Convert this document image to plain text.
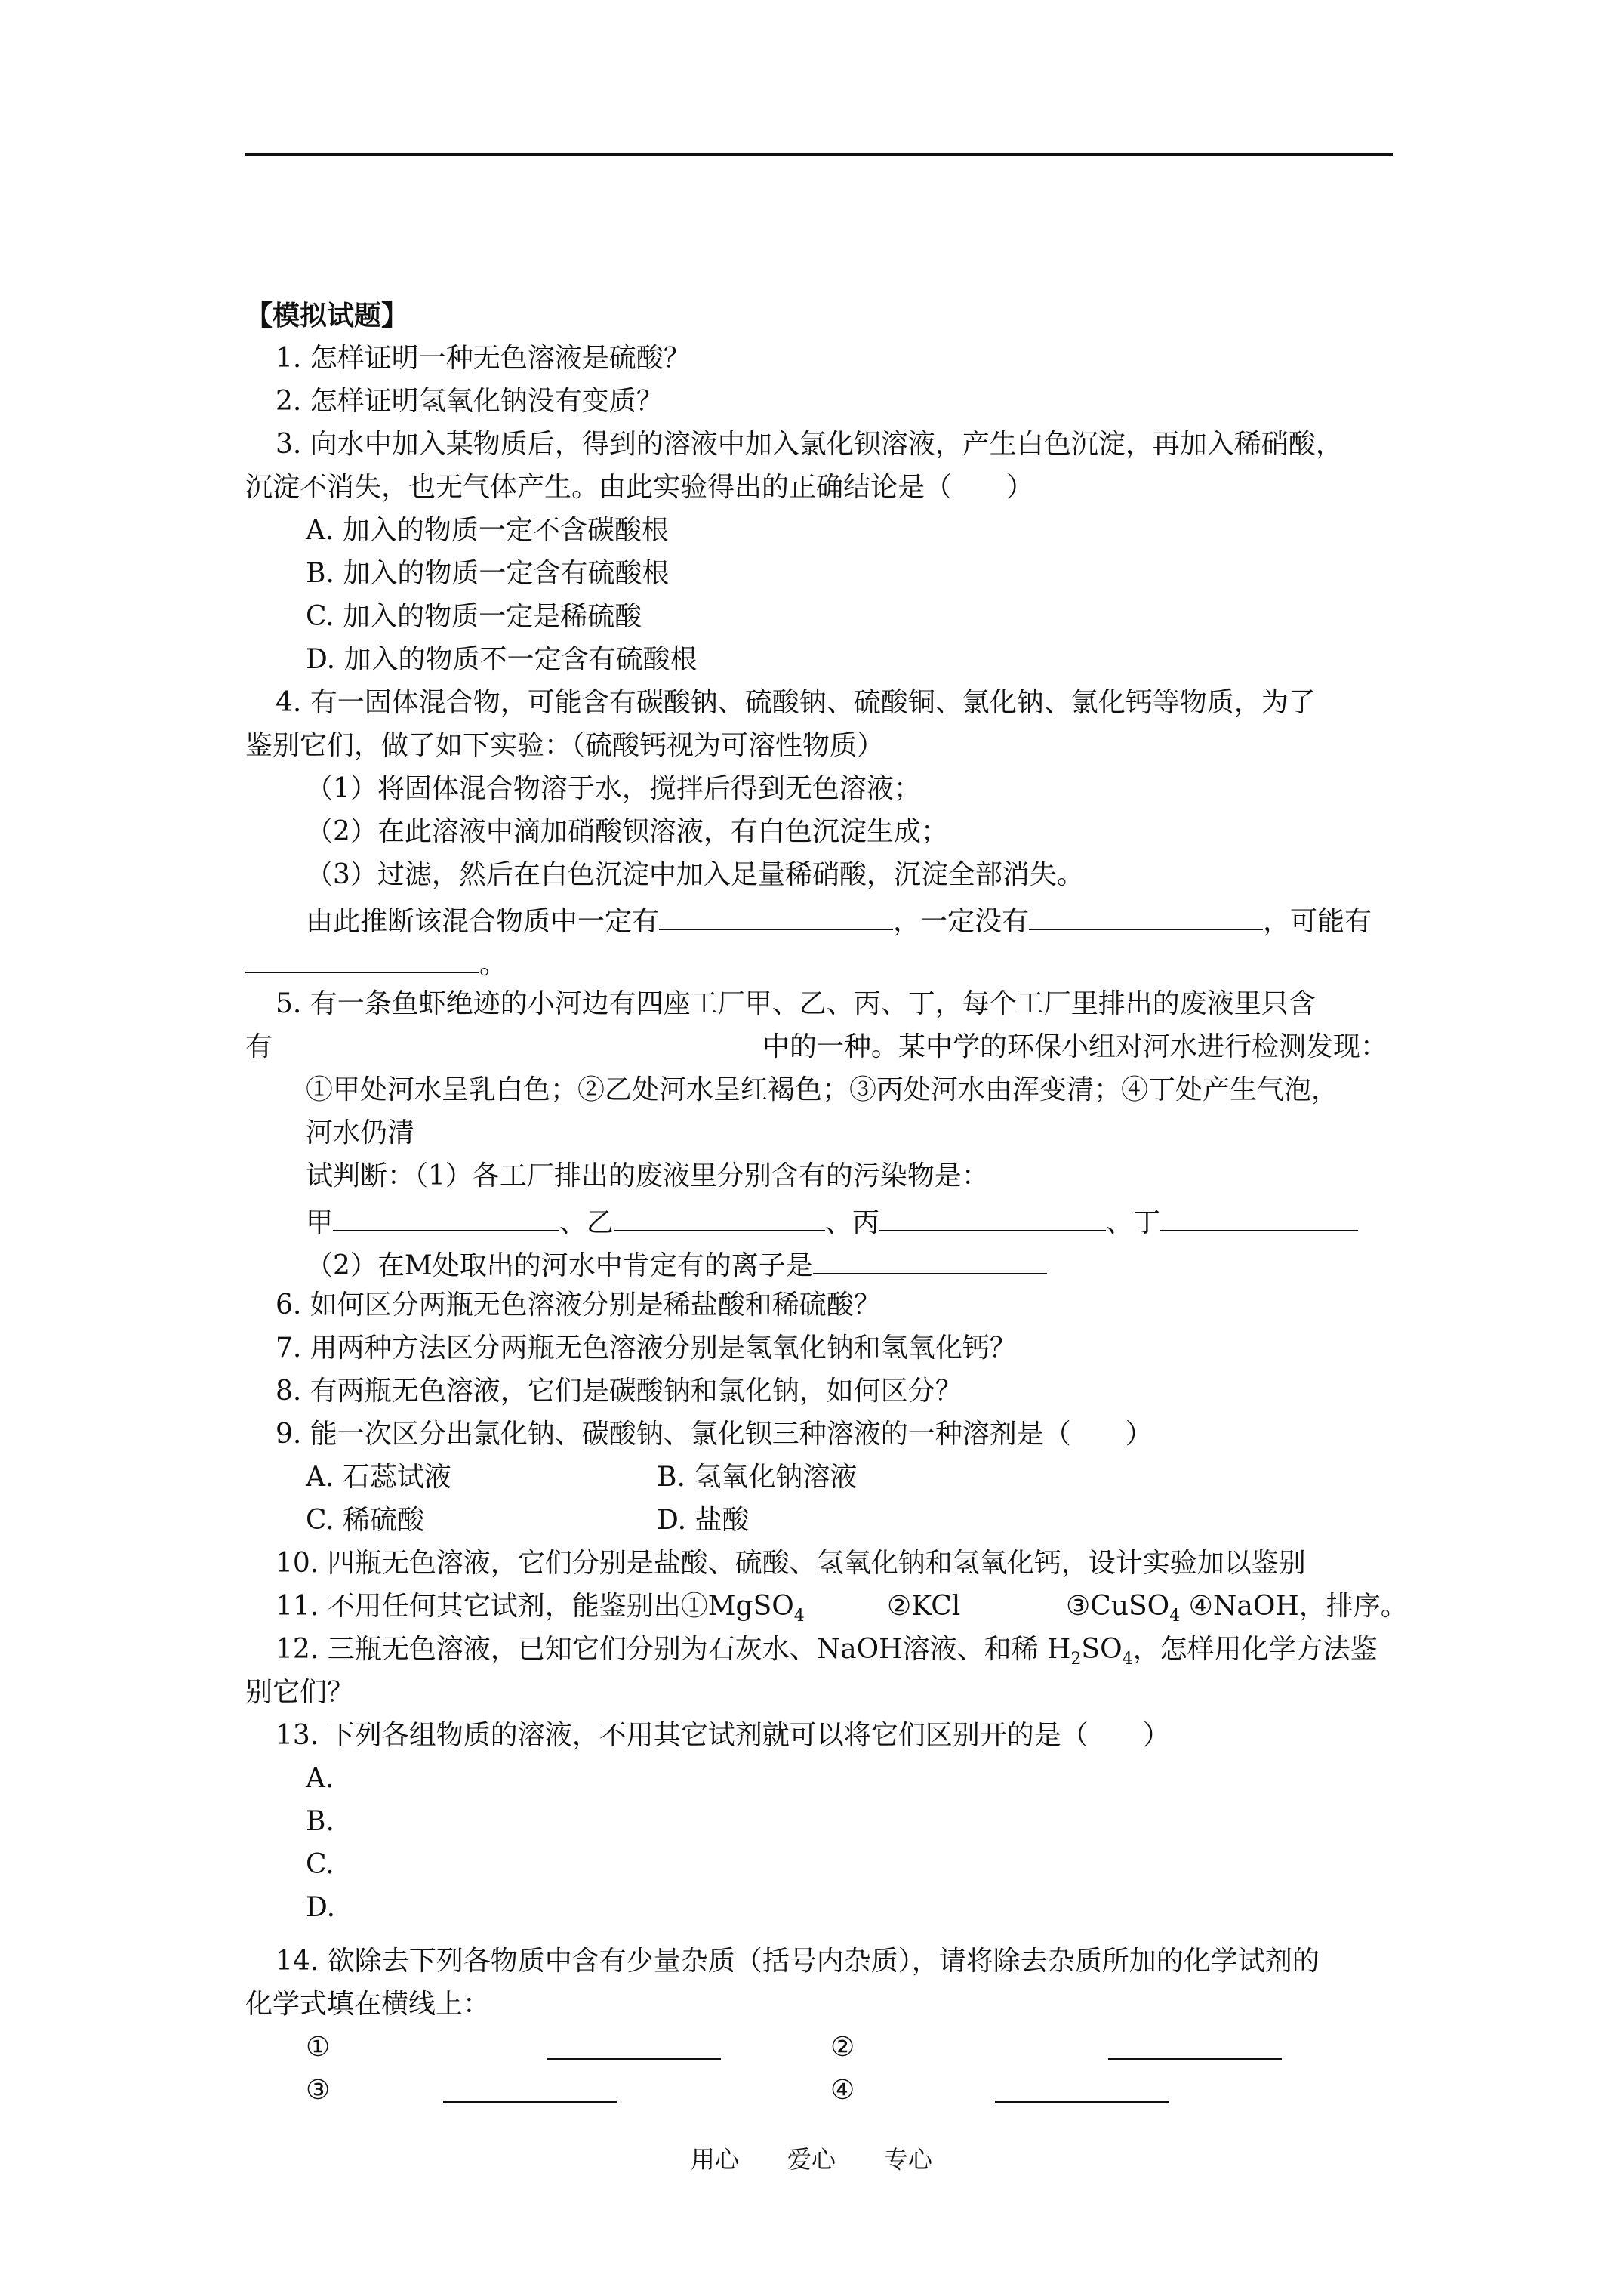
【模拟试题】
1. 怎样证明一种无色溶液是硫酸？
2. 怎样证明氢氧化钠没有变质？
3. 向水中加入某物质后，得到的溶液中加入氯化钡溶液，产生白色沉淀，再加入稀硝酸，
沉淀不消失，也无气体产生。由此实验得出的正确结论是（　　）
A. 加入的物质一定不含碳酸根
B. 加入的物质一定含有硫酸根
C. 加入的物质一定是稀硫酸
D. 加入的物质不一定含有硫酸根
4. 有一固体混合物，可能含有碳酸钠、硫酸钠、硫酸铜、氯化钠、氯化钙等物质，为了
鉴别它们，做了如下实验：（硫酸钙视为可溶性物质）
（1）将固体混合物溶于水，搅拌后得到无色溶液；
（2）在此溶液中滴加硝酸钡溶液，有白色沉淀生成；
（3）过滤，然后在白色沉淀中加入足量稀硝酸，沉淀全部消失。
由此推断该混合物质中一定有	，一定没有	，可能有
。
5. 有一条鱼虾绝迹的小河边有四座工厂甲、乙、丙、丁，每个工厂里排出的废液里只含
有	中的一种。某中学的环保小组对河水进行检测发现：
①甲处河水呈乳白色；②乙处河水呈红褐色；③丙处河水由浑变清；④丁处产生气泡，
河水仍清
试判断：（1）各工厂排出的废液里分别含有的污染物是：
甲	、乙	、丙	、丁
（2）在M处取出的河水中肯定有的离子是
6. 如何区分两瓶无色溶液分别是稀盐酸和稀硫酸？
7. 用两种方法区分两瓶无色溶液分别是氢氧化钠和氢氧化钙？
8. 有两瓶无色溶液，它们是碳酸钠和氯化钠，如何区分？
9. 能一次区分出氯化钠、碳酸钠、氯化钡三种溶液的一种溶剂是（　　）
A. 石蕊试液	B. 氢氧化钠溶液
C. 稀硫酸	D. 盐酸
10. 四瓶无色溶液，它们分别是盐酸、硫酸、氢氧化钠和氢氧化钙，设计实验加以鉴别
11. 不用任何其它试剂，能鉴别出①MgSO$_4$	②KCl	③CuSO$_4$ ④NaOH，排序。
12. 三瓶无色溶液，已知它们分别为石灰水、NaOH溶液、和稀 $H_2SO_4$，怎样用化学方法鉴
别它们？
13. 下列各组物质的溶液，不用其它试剂就可以将它们区别开的是（　　）
A.
B.
C.
D.
14. 欲除去下列各物质中含有少量杂质（括号内杂质），请将除去杂质所加的化学试剂的
化学式填在横线上：
①	②
③	④
用心　　爱心　　专心
